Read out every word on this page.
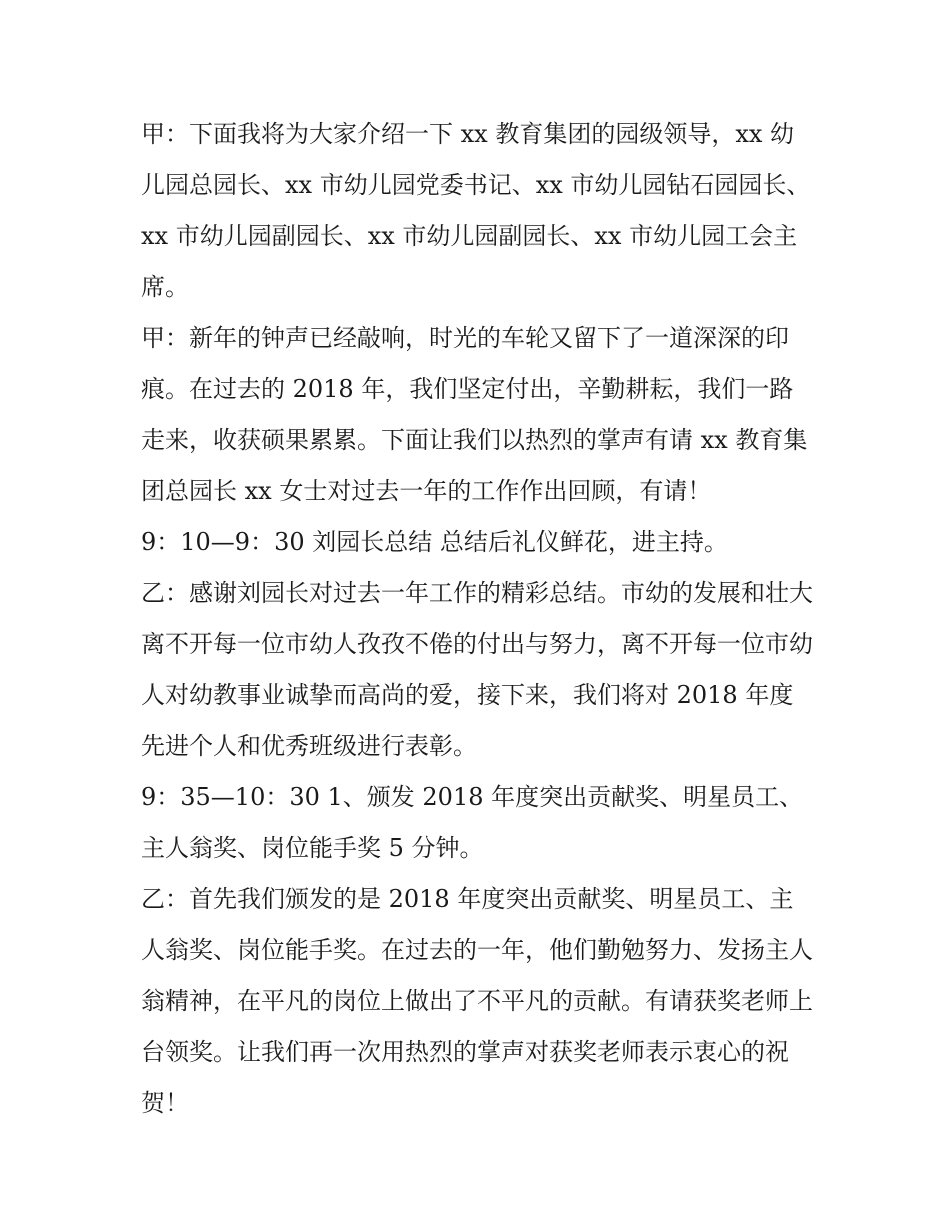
甲：下面我将为大家介绍一下 xx 教育集团的园级领导，xx 幼儿园总园长、xx 市幼儿园党委书记、xx 市幼儿园钻石园园长、xx 市幼儿园副园长、xx 市幼儿园副园长、xx 市幼儿园工会主席。

甲：新年的钟声已经敲响，时光的车轮又留下了一道深深的印痕。在过去的 2018 年，我们坚定付出，辛勤耕耘，我们一路走来，收获硕果累累。下面让我们以热烈的掌声有请 xx 教育集团总园长 xx 女士对过去一年的工作作出回顾，有请！

9：10—9：30 刘园长总结 总结后礼仪鲜花，进主持。

乙：感谢刘园长对过去一年工作的精彩总结。市幼的发展和壮大离不开每一位市幼人孜孜不倦的付出与努力，离不开每一位市幼人对幼教事业诚挚而高尚的爱，接下来，我们将对 2018 年度先进个人和优秀班级进行表彰。

9：35—10：30 1、颁发 2018 年度突出贡献奖、明星员工、主人翁奖、岗位能手奖 5 分钟。

乙：首先我们颁发的是 2018 年度突出贡献奖、明星员工、主人翁奖、岗位能手奖。在过去的一年，他们勤勉努力、发扬主人翁精神，在平凡的岗位上做出了不平凡的贡献。有请获奖老师上台领奖。让我们再一次用热烈的掌声对获奖老师表示衷心的祝贺！
